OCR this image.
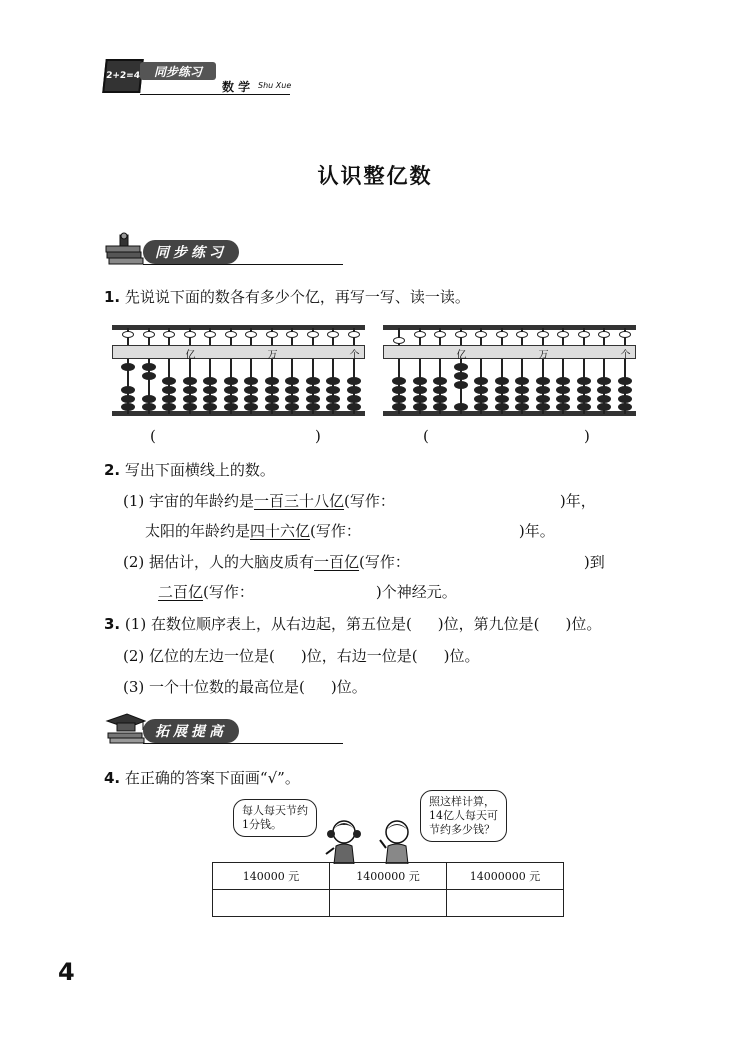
2+2=4	同步练习
数 学 Shu Xue
认识整亿数
同步练习
1. 先说说下面的数各有多少个亿，再写一写、读一读。
亿	万	个	亿	万	个
(	)	(	)
2. 写出下面横线上的数。
(1) 宇宙的年龄约是一百三十八亿(写作：	)年，
太阳的年龄约是四十六亿(写作：	)年。
(2) 据估计，人的大脑皮质有一百亿(写作：	)到
二百亿(写作：	)个神经元。
3. (1) 在数位顺序表上，从右边起，第五位是( )位，第九位是( )位。
(2) 亿位的左边一位是( )位，右边一位是( )位。
(3) 一个十位数的最高位是( )位。
拓展提高
4. 在正确的答案下面画“√”。
每人每天节约
1分钱。
照这样计算，
14亿人每天可
节约多少钱？
140000 元	1400000 元	14000000 元

4
